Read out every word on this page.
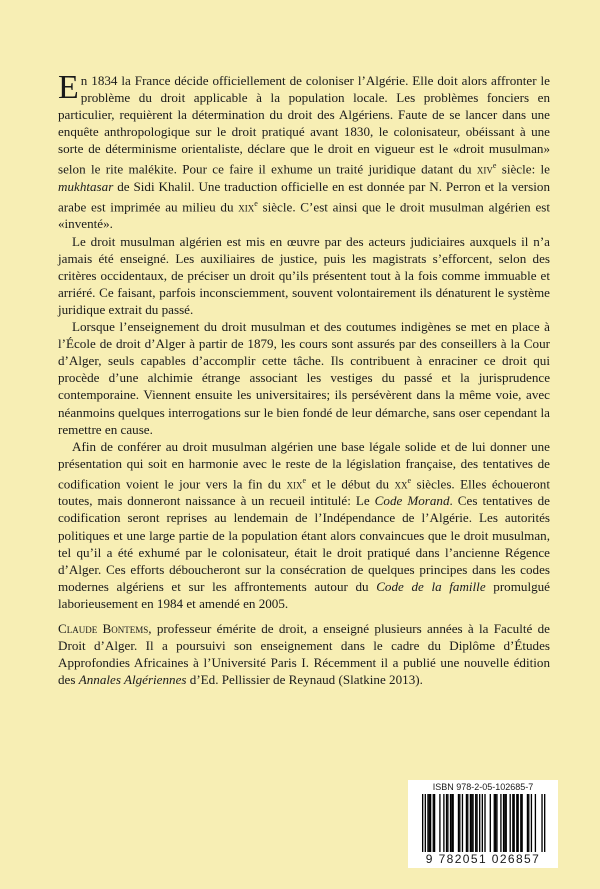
En 1834 la France décide officiellement de coloniser l’Algérie. Elle doit alors affronter le problème du droit applicable à la population locale. Les problèmes fonciers en particulier, requièrent la détermination du droit des Algériens. Faute de se lancer dans une enquête anthropologique sur le droit pratiqué avant 1830, le colonisateur, obéissant à une sorte de déterminisme orientaliste, déclare que le droit en vigueur est le «droit musulman» selon le rite malékite. Pour ce faire il exhume un traité juridique datant du xiv$^e$ siècle: le mukhtasar de Sidi Khalil. Une traduction officielle en est donnée par N. Perron et la version arabe est imprimée au milieu du xix$^e$ siècle. C’est ainsi que le droit musulman algérien est «inventé».

Le droit musulman algérien est mis en œuvre par des acteurs judiciaires auxquels il n’a jamais été enseigné. Les auxiliaires de justice, puis les magistrats s’efforcent, selon des critères occidentaux, de préciser un droit qu’ils présentent tout à la fois comme immuable et arriéré. Ce faisant, parfois inconsciemment, souvent volontairement ils dénaturent le système juridique extrait du passé.

Lorsque l’enseignement du droit musulman et des coutumes indigènes se met en place à l’École de droit d’Alger à partir de 1879, les cours sont assurés par des conseillers à la Cour d’Alger, seuls capables d’accomplir cette tâche. Ils contribuent à enraciner ce droit qui procède d’une alchimie étrange associant les vestiges du passé et la jurisprudence contemporaine. Viennent ensuite les universitaires; ils persévèrent dans la même voie, avec néanmoins quelques interrogations sur le bien fondé de leur démarche, sans oser cependant la remettre en cause.

Afin de conférer au droit musulman algérien une base légale solide et de lui donner une présentation qui soit en harmonie avec le reste de la législation française, des tentatives de codification voient le jour vers la fin du xix$^e$ et le début du $xx^e$ siècles. Elles échoueront toutes, mais donneront naissance à un recueil intitulé: Le Code Morand. Ces tentatives de codification seront reprises au lendemain de l’Indépendance de l’Algérie. Les autorités politiques et une large partie de la population étant alors convaincues que le droit musulman, tel qu’il a été exhumé par le colonisateur, était le droit pratiqué dans l’ancienne Régence d’Alger. Ces efforts déboucheront sur la consécration de quelques principes dans les codes modernes algériens et sur les affrontements autour du Code de la famille promulgué laborieusement en 1984 et amendé en 2005.

Claude Bontems, professeur émérite de droit, a enseigné plusieurs années à la Faculté de Droit d’Alger. Il a poursuivi son enseignement dans le cadre du Diplôme d’Études Approfondies Africaines à l’Université Paris I. Récemment il a publié une nouvelle édition des Annales Algériennes d’Ed. Pellissier de Reynaud (Slatkine 2013).

ISBN 978-2-05-102685-7
9 782051 026857
